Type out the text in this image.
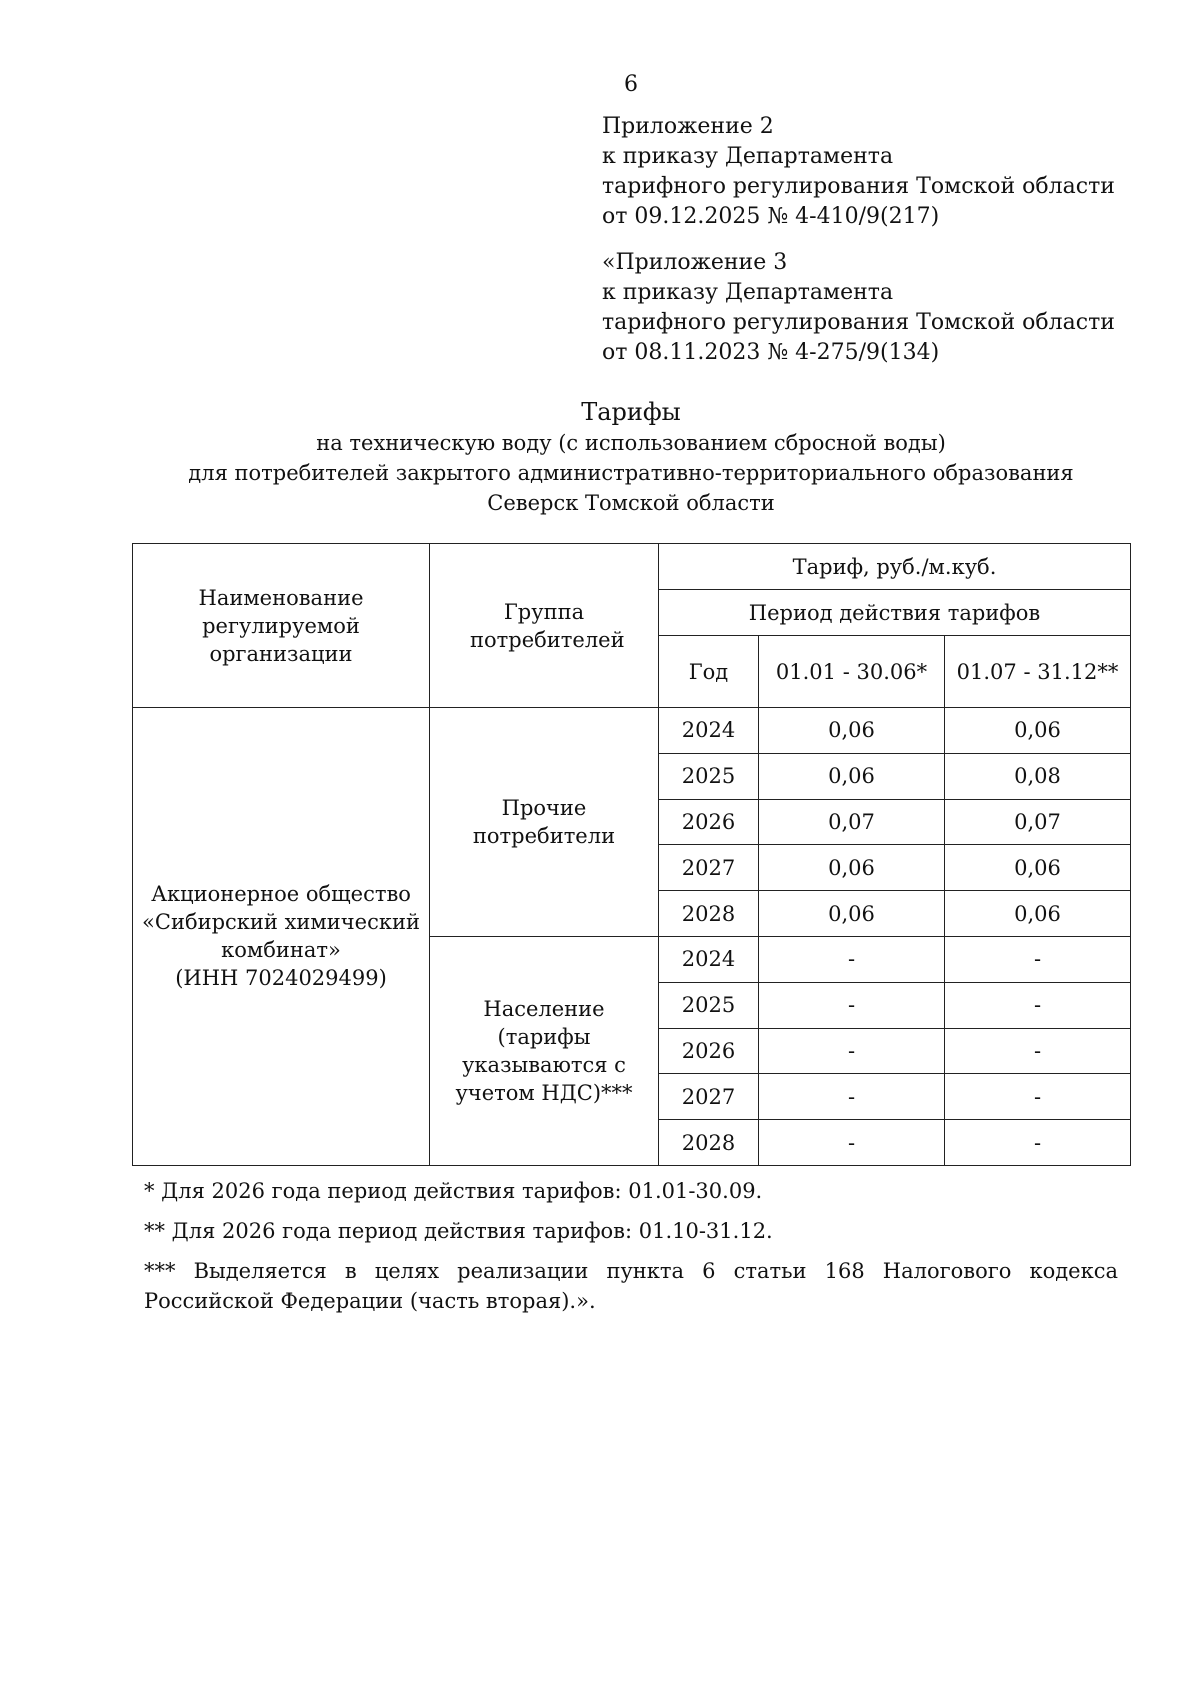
6
Приложение 2
к приказу Департамента
тарифного регулирования Томской области
от 09.12.2025 № 4-410/9(217)
«Приложение 3
к приказу Департамента
тарифного регулирования Томской области
от 08.11.2023 № 4-275/9(134)
Тарифы
на техническую воду (с использованием сбросной воды)
для потребителей закрытого административно-территориального образования
Северск Томской области
Наименование регулируемой организации	Группа потребителей	Тариф, руб./м.куб.		
		Период действия тарифов		
		Год	01.01 - 30.06*	01.07 - 31.12**

Акционерное общество
«Сибирский химический
комбинат»
(ИНН 7024029499)	Прочие потребители	2024	0,06	0,06
		2025	0,06	0,08
		2026	0,07	0,07
		2027	0,06	0,06
		2028	0,06	0,06
	Население (тарифы указываются с учетом НДС)***	2024	-	-
		2025	-	-
		2026	-	-
		2027	-	-
		2028	-	-

* Для 2026 года период действия тарифов: 01.01-30.09.

** Для 2026 года период действия тарифов: 01.10-31.12.

*** Выделяется в целях реализации пункта 6 статьи 168 Налогового кодекса Российской Федерации (часть вторая).».
